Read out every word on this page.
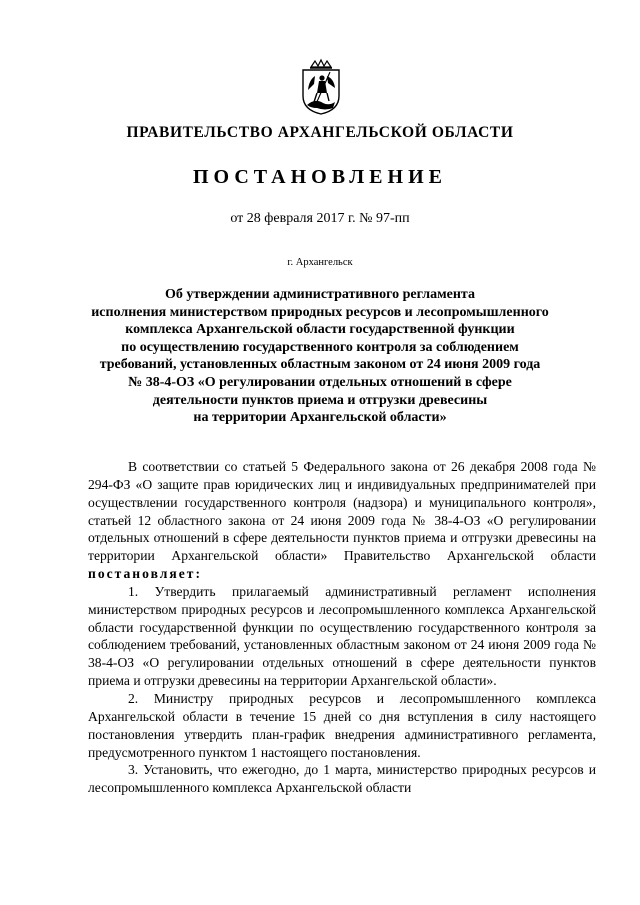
ПРАВИТЕЛЬСТВО АРХАНГЕЛЬСКОЙ ОБЛАСТИ
ПОСТАНОВЛЕНИЕ

от 28 февраля 2017 г. № 97-пп

г. Архангельск

Об утверждении административного регламента
исполнения министерством природных ресурсов и лесопромышленного
комплекса Архангельской области государственной функции
по осуществлению государственного контроля за соблюдением
требований, установленных областным законом от 24 июня 2009 года
№ 38-4-ОЗ «О регулировании отдельных отношений в сфере
деятельности пунктов приема и отгрузки древесины
на территории Архангельской области»

В соответствии со статьей 5 Федерального закона от 26 декабря 2008 года № 294-ФЗ «О защите прав юридических лиц и индивидуальных предпринимателей при осуществлении государственного контроля (надзора) и муниципального контроля», статьей 12 областного закона от 24 июня 2009 года № 38-4-ОЗ «О регулировании отдельных отношений в сфере деятельности пунктов приема и отгрузки древесины на территории Архангельской области» Правительство Архангельской области постановляет:

1. Утвердить прилагаемый административный регламент исполнения министерством природных ресурсов и лесопромышленного комплекса Архангельской области государственной функции по осуществлению государственного контроля за соблюдением требований, установленных областным законом от 24 июня 2009 года № 38-4-ОЗ «О регулировании отдельных отношений в сфере деятельности пунктов приема и отгрузки древесины на территории Архангельской области».

2. Министру природных ресурсов и лесопромышленного комплекса Архангельской области в течение 15 дней со дня вступления в силу настоящего постановления утвердить план-график внедрения административного регламента, предусмотренного пунктом 1 настоящего постановления.

3. Установить, что ежегодно, до 1 марта, министерство природных ресурсов и лесопромышленного комплекса Архангельской области
